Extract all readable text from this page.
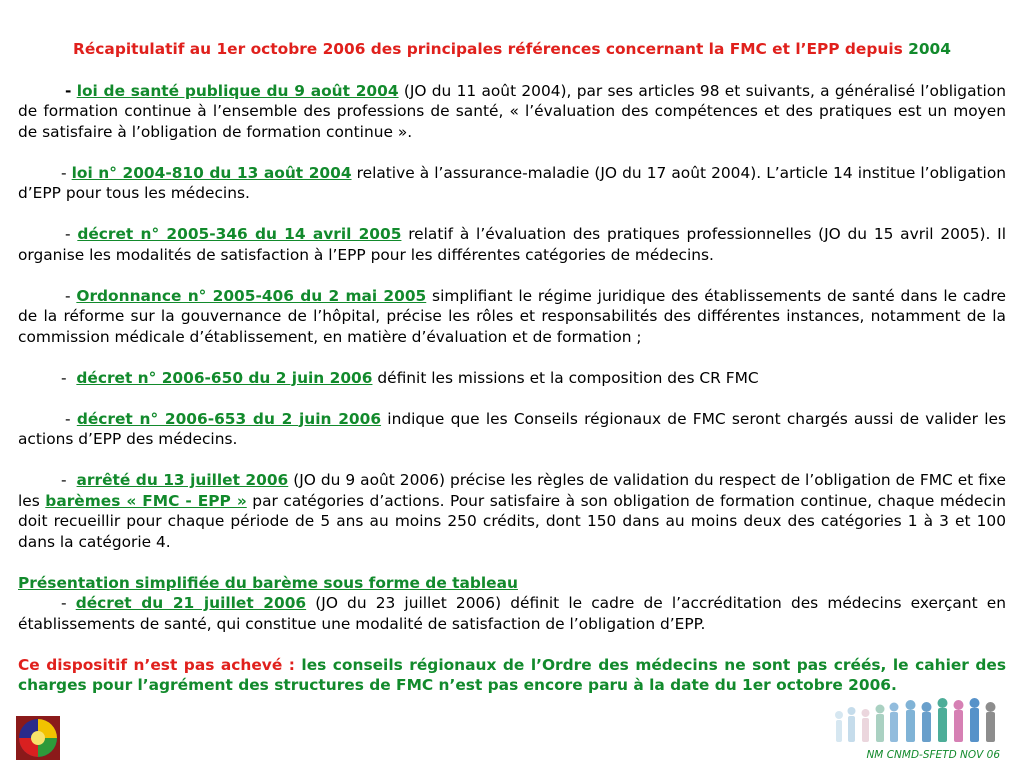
Récapitulatif au 1er octobre 2006 des principales références concernant la FMC et l’EPP depuis 2004

- loi de santé publique du 9 août 2004 (JO du 11 août 2004), par ses articles 98 et suivants, a généralisé l’obligation de formation continue à l’ensemble des professions de santé, « l’évaluation des compétences et des pratiques est un moyen de satisfaire à l’obligation de formation continue ».

- loi n° 2004-810 du 13 août 2004 relative à l’assurance-maladie (JO du 17 août 2004). L’article 14 institue l’obligation d’EPP pour tous les médecins.

- décret n° 2005-346 du 14 avril 2005 relatif à l’évaluation des pratiques professionnelles (JO du 15 avril 2005). Il organise les modalités de satisfaction à l’EPP pour les différentes catégories de médecins.

- Ordonnance n° 2005-406 du 2 mai 2005 simplifiant le régime juridique des établissements de santé dans le cadre de la réforme sur la gouvernance de l’hôpital, précise les rôles et responsabilités des différentes instances, notamment de la commission médicale d’établissement, en matière d’évaluation et de formation ;

- décret n° 2006-650 du 2 juin 2006 définit les missions et la composition des CR FMC

- décret n° 2006-653 du 2 juin 2006 indique que les Conseils régionaux de FMC seront chargés aussi de valider les actions d’EPP des médecins.

- arrêté du 13 juillet 2006 (JO du 9 août 2006) précise les règles de validation du respect de l’obligation de FMC et fixe les barèmes « FMC - EPP » par catégories d’actions. Pour satisfaire à son obligation de formation continue, chaque médecin doit recueillir pour chaque période de 5 ans au moins 250 crédits, dont 150 dans au moins deux des catégories 1 à 3 et 100 dans la catégorie 4.

Présentation simplifiée du barème sous forme de tableau

- décret du 21 juillet 2006 (JO du 23 juillet 2006) définit le cadre de l’accréditation des médecins exerçant en établissements de santé, qui constitue une modalité de satisfaction de l’obligation d’EPP.

Ce dispositif n’est pas achevé : les conseils régionaux de l’Ordre des médecins ne sont pas créés, le cahier des charges pour l’agrément des structures de FMC n’est pas encore paru à la date du 1er octobre 2006.

NM CNMD-SFETD NOV 06
